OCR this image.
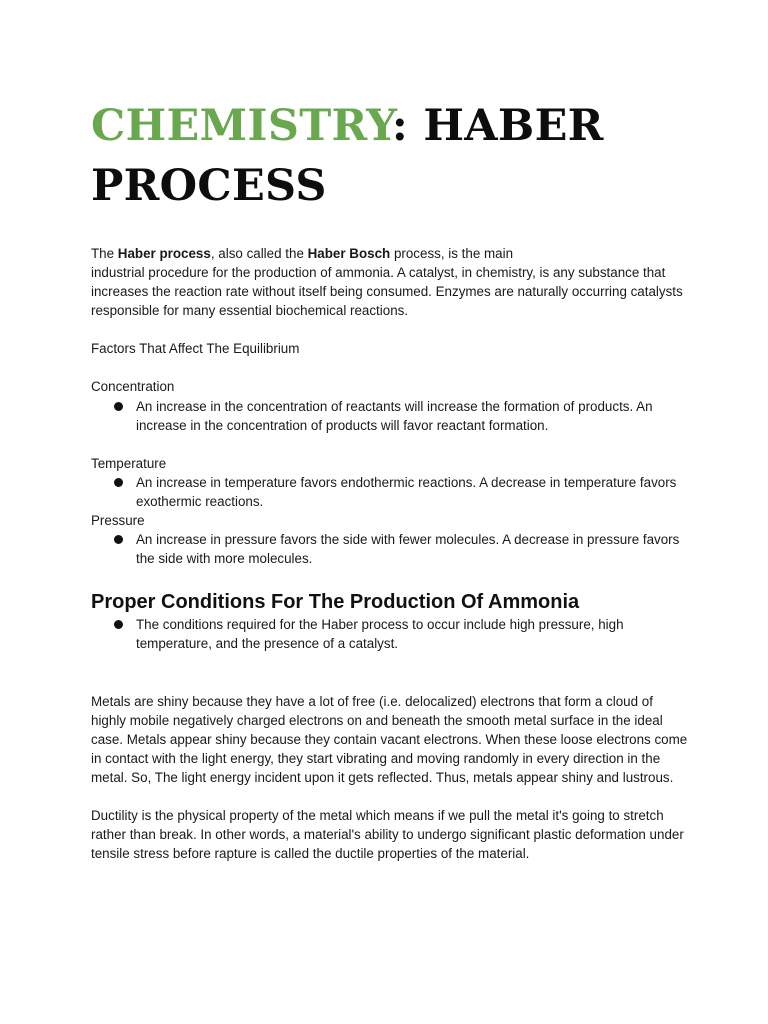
CHEMISTRY: HABER
PROCESS

The Haber process, also called the Haber Bosch process, is the main
industrial procedure for the production of ammonia. A catalyst, in chemistry, is any substance that increases the reaction rate without itself being consumed. Enzymes are naturally occurring catalysts responsible for many essential biochemical reactions.

Factors That Affect The Equilibrium

Concentration

An increase in the concentration of reactants will increase the formation of products. An increase in the concentration of products will favor reactant formation.

Temperature

An increase in temperature favors endothermic reactions. A decrease in temperature favors exothermic reactions.

Pressure

An increase in pressure favors the side with fewer molecules. A decrease in pressure favors the side with more molecules.
Proper Conditions For The Production Of Ammonia
The conditions required for the Haber process to occur include high pressure, high temperature, and the presence of a catalyst.

Metals are shiny because they have a lot of free (i.e. delocalized) electrons that form a cloud of highly mobile negatively charged electrons on and beneath the smooth metal surface in the ideal case. Metals appear shiny because they contain vacant electrons. When these loose electrons come in contact with the light energy, they start vibrating and moving randomly in every direction in the metal. So, The light energy incident upon it gets reflected. Thus, metals appear shiny and lustrous.

Ductility is the physical property of the metal which means if we pull the metal it's going to stretch rather than break. In other words, a material's ability to undergo significant plastic deformation under tensile stress before rapture is called the ductile properties of the material.
